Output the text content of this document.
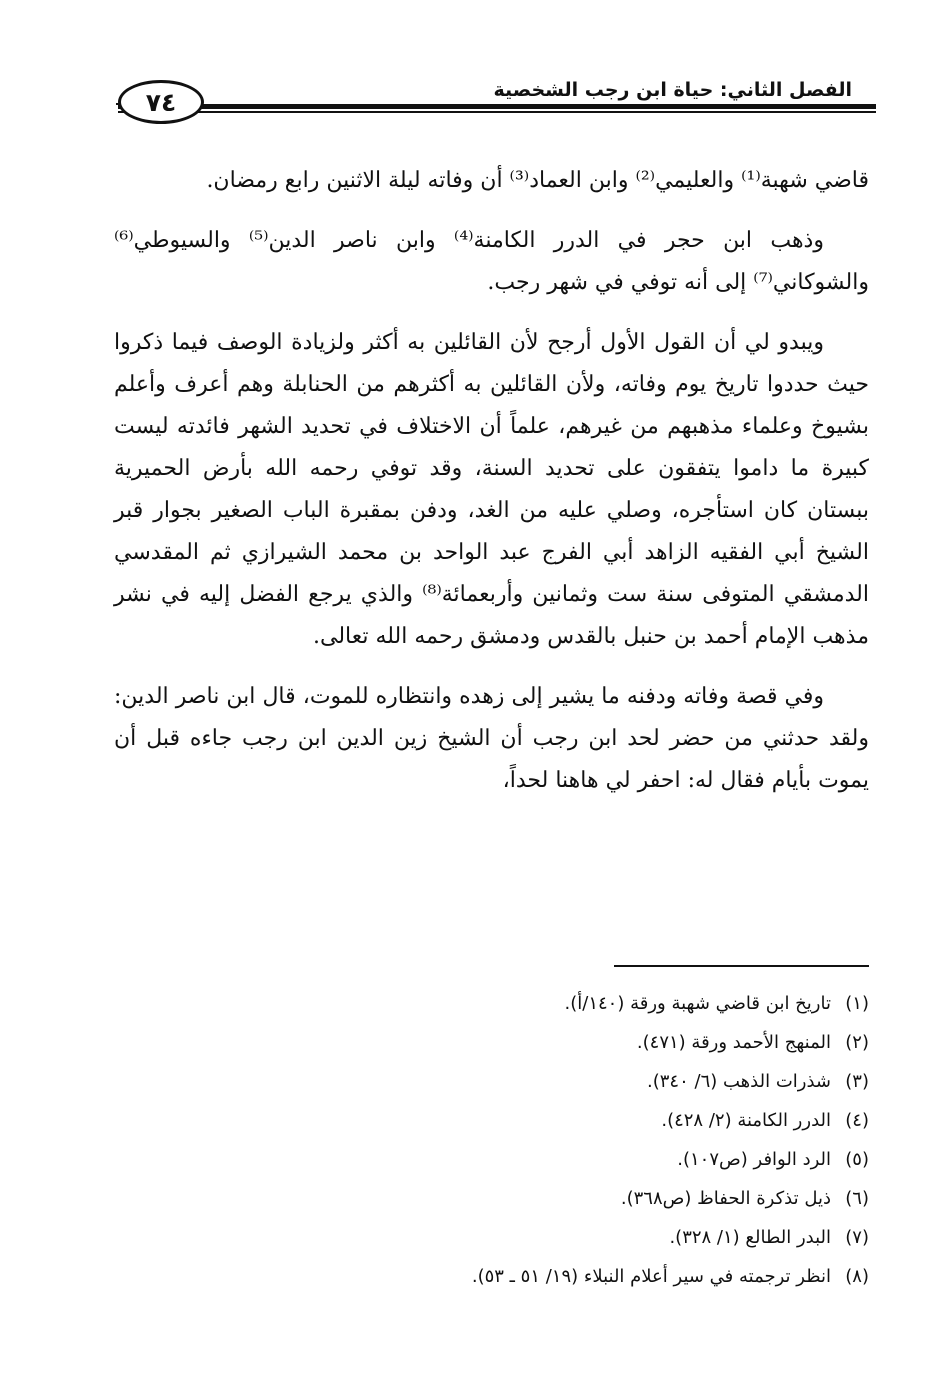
الفصل الثاني: حياة ابن رجب الشخصية
٧٤

قاضي شهبة⁽¹⁾ والعليمي⁽²⁾ وابن العماد⁽³⁾ أن وفاته ليلة الاثنين رابع رمضان.

وذهب ابن حجر في الدرر الكامنة⁽⁴⁾ وابن ناصر الدين⁽⁵⁾ والسيوطي⁽⁶⁾ والشوكاني⁽⁷⁾ إلى أنه توفي في شهر رجب.

ويبدو لي أن القول الأول أرجح لأن القائلين به أكثر ولزيادة الوصف فيما ذكروا حيث حددوا تاريخ يوم وفاته، ولأن القائلين به أكثرهم من الحنابلة وهم أعرف وأعلم بشيوخ وعلماء مذهبهم من غيرهم، علماً أن الاختلاف في تحديد الشهر فائدته ليست كبيرة ما داموا يتفقون على تحديد السنة، وقد توفي رحمه الله بأرض الحميرية ببستان كان استأجره، وصلي عليه من الغد، ودفن بمقبرة الباب الصغير بجوار قبر الشيخ أبي الفقيه الزاهد أبي الفرج عبد الواحد بن محمد الشيرازي ثم المقدسي الدمشقي المتوفى سنة ست وثمانين وأربعمائة⁽⁸⁾ والذي يرجع الفضل إليه في نشر مذهب الإمام أحمد بن حنبل بالقدس ودمشق رحمه الله تعالى.

وفي قصة وفاته ودفنه ما يشير إلى زهده وانتظاره للموت، قال ابن ناصر الدين: ولقد حدثني من حضر لحد ابن رجب أن الشيخ زين الدين ابن رجب جاءه قبل أن يموت بأيام فقال له: احفر لي هاهنا لحداً،

(١)تاريخ ابن قاضي شهبة ورقة (١٤٠/أ).
(٢)المنهج الأحمد ورقة (٤٧١).
(٣)شذرات الذهب (٦/ ٣٤٠).
(٤)الدرر الكامنة (٢/ ٤٢٨).
(٥)الرد الوافر (ص١٠٧).
(٦)ذيل تذكرة الحفاظ (ص٣٦٨).
(٧)البدر الطالع (١/ ٣٢٨).
(٨)انظر ترجمته في سير أعلام النبلاء (١٩/ ٥١ ـ ٥٣).
